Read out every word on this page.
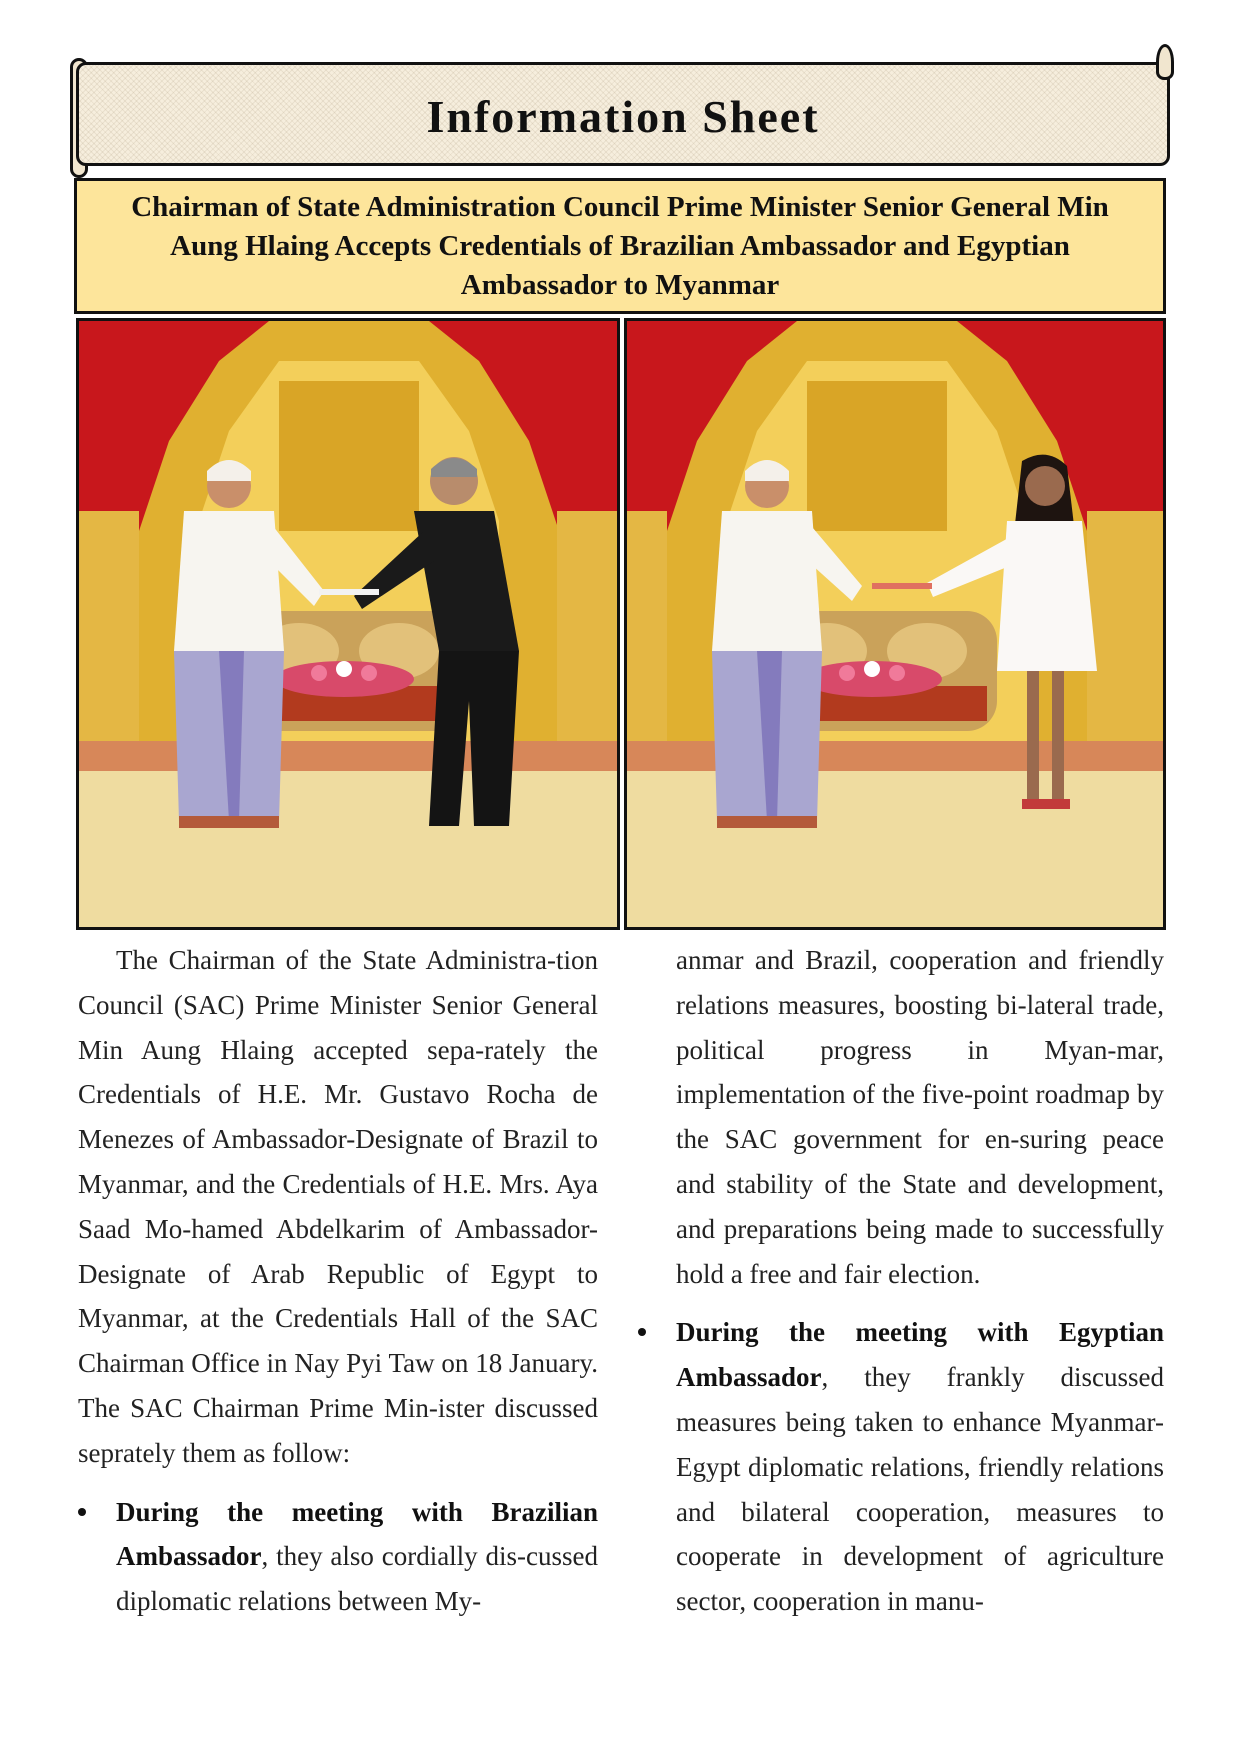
Information Sheet
Chairman of State Administration Council Prime Minister Senior General Min Aung Hlaing Accepts Credentials of Brazilian Ambassador and Egyptian Ambassador to Myanmar

The Chairman of the State Administra-tion Council (SAC) Prime Minister Senior General Min Aung Hlaing accepted sepa-rately the Credentials of H.E. Mr. Gustavo Rocha de Menezes of Ambassador-Designate of Brazil to Myanmar, and the Credentials of H.E. Mrs. Aya Saad Mo-hamed Abdelkarim of Ambassador-Designate of Arab Republic of Egypt to Myanmar, at the Credentials Hall of the SAC Chairman Office in Nay Pyi Taw on 18 January. The SAC Chairman Prime Min-ister discussed seprately them as follow:

During the meeting with Brazilian Ambassador, they also cordially dis-cussed diplomatic relations between My-

anmar and Brazil, cooperation and friendly relations measures, boosting bi-lateral trade, political progress in Myan-mar, implementation of the five-point roadmap by the SAC government for en-suring peace and stability of the State and development, and preparations being made to successfully hold a free and fair election.

During the meeting with Egyptian Ambassador, they frankly discussed measures being taken to enhance Myanmar-Egypt diplomatic relations, friendly relations and bilateral cooperation, measures to cooperate in development of agriculture sector, cooperation in manu-
